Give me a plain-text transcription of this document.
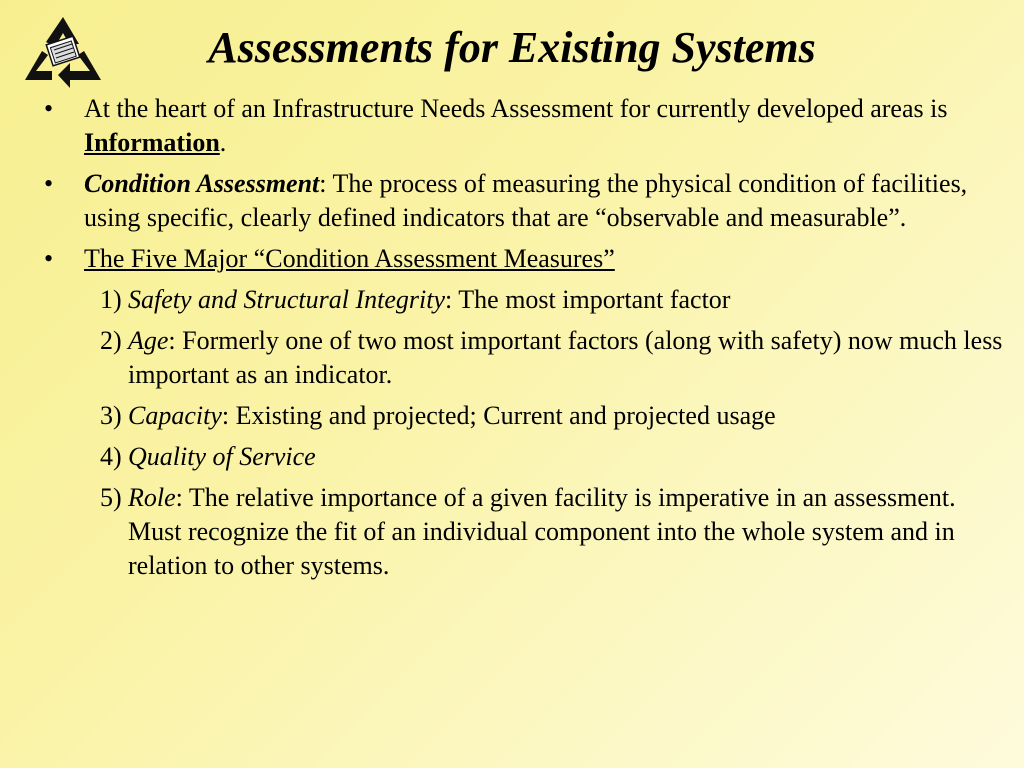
Assessments for Existing Systems
• At the heart of an Infrastructure Needs Assessment for currently developed areas is Information.
• Condition Assessment: The process of measuring the physical condition of facilities, using specific, clearly defined indicators that are “observable and measurable”.
• The Five Major “Condition Assessment Measures”
1) Safety and Structural Integrity: The most important factor
2) Age: Formerly one of two most important factors (along with safety) now much less important as an indicator.
3) Capacity: Existing and projected; Current and projected usage
4) Quality of Service
5) Role: The relative importance of a given facility is imperative in an assessment. Must recognize the fit of an individual component into the whole system and in relation to other systems.
